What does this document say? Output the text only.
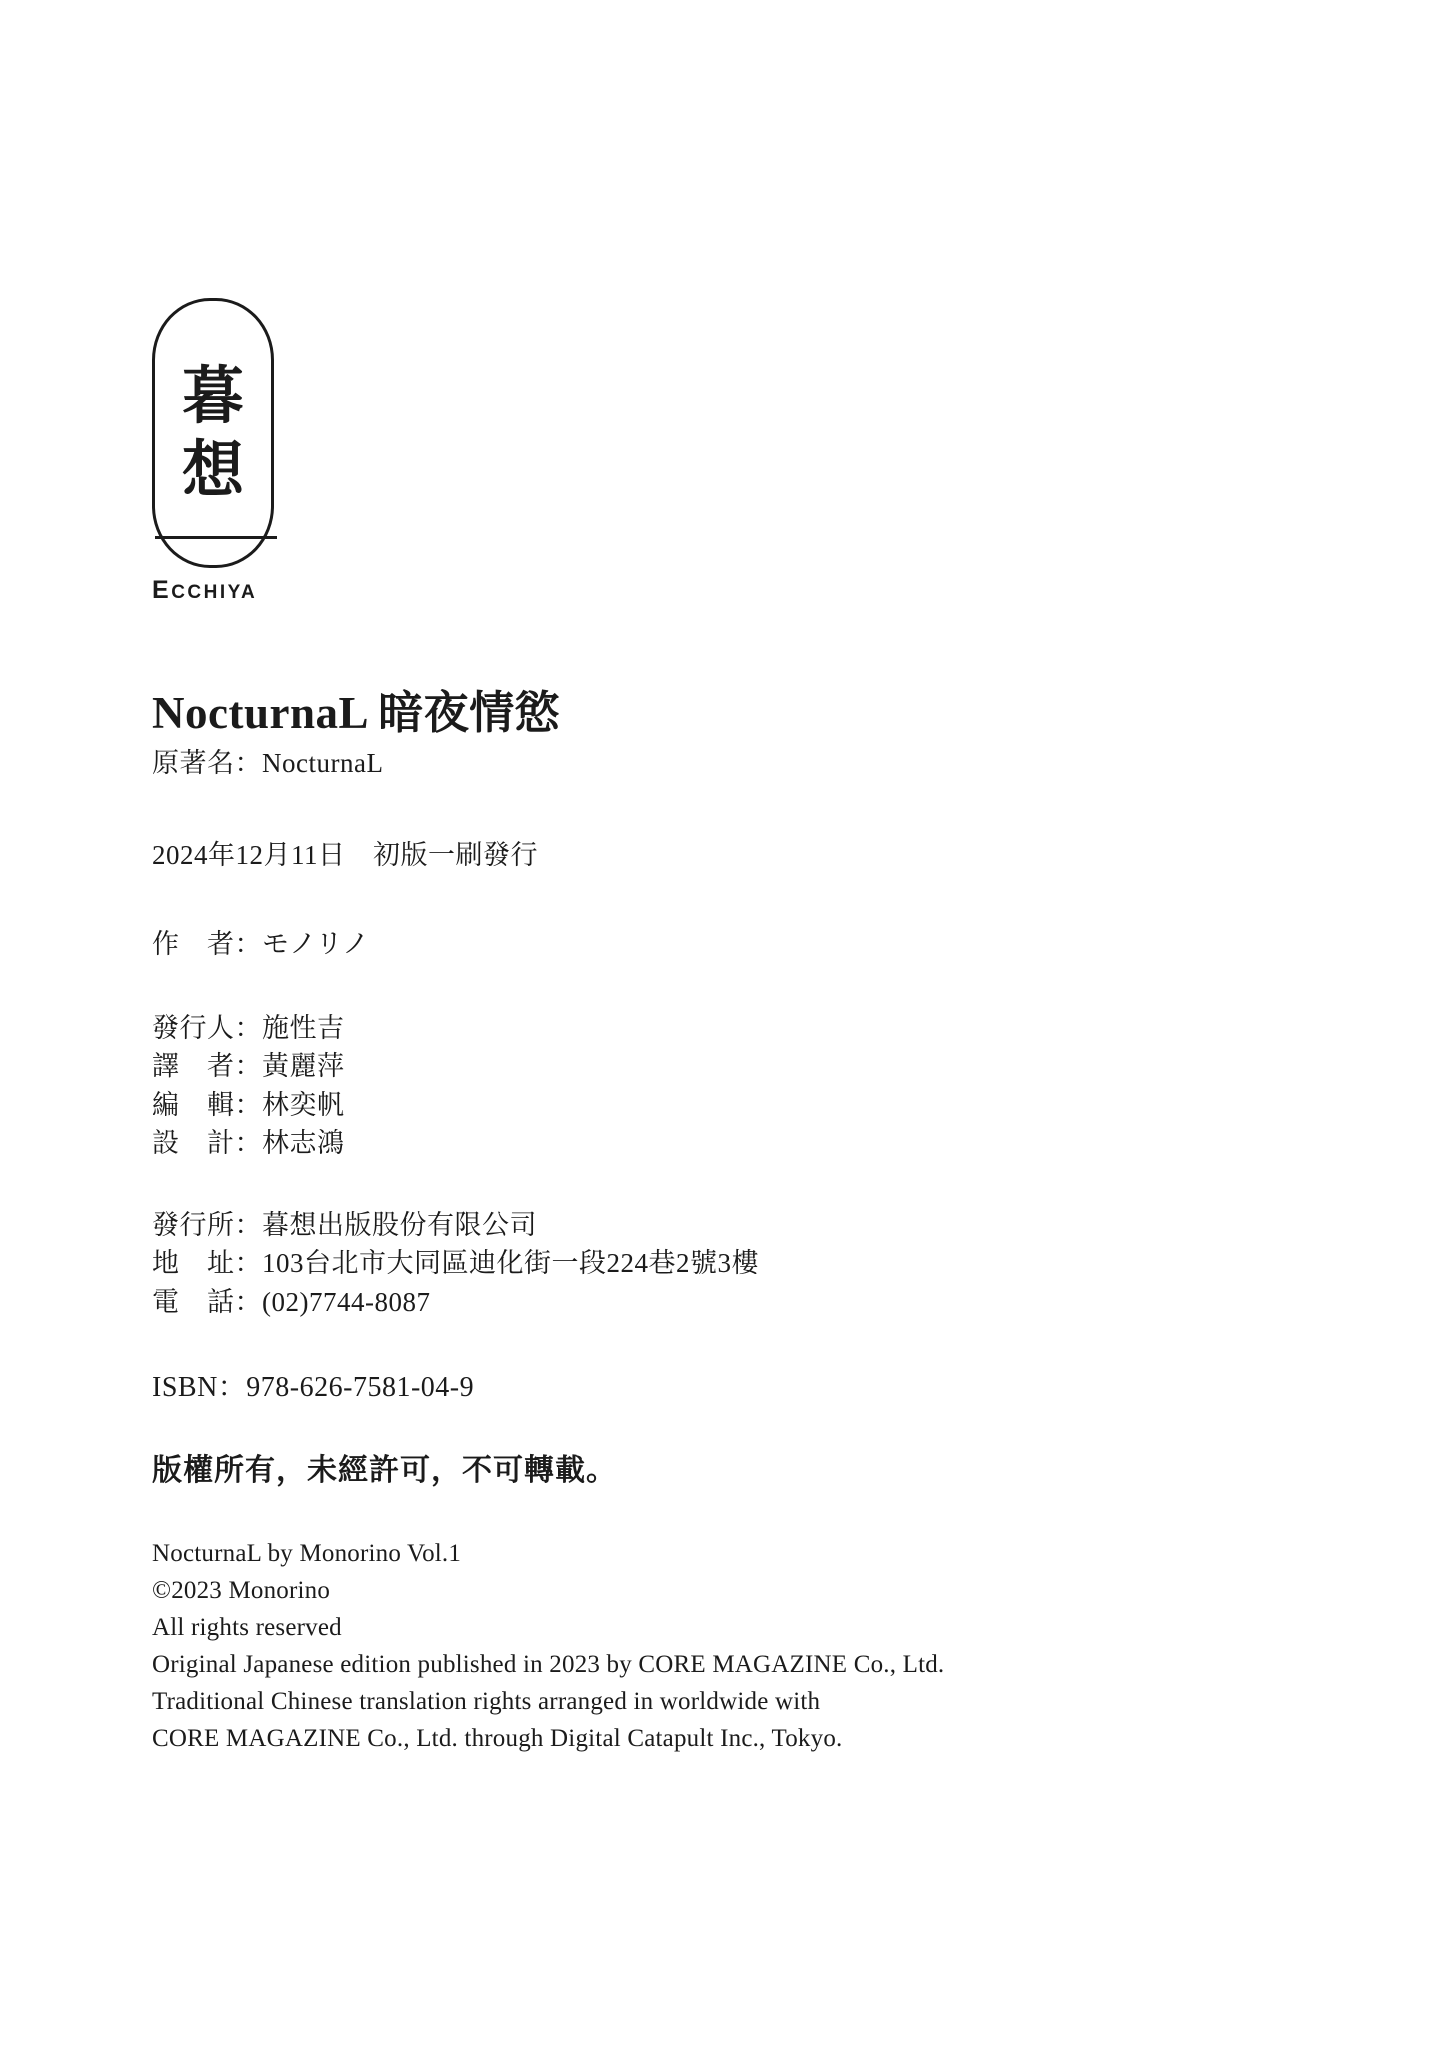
暮
想
ECCHIYA
NocturnaL 暗夜情慾

原著名：NocturnaL

2024年12月11日　初版一刷發行
作　者：モノリノ
發行人：施性吉
譯　者：黃麗萍
編　輯：林奕帆
設　計：林志鴻
發行所：暮想出版股份有限公司
地　址：103台北市大同區迪化街一段224巷2號3樓
電　話：(02)7744-8087
ISBN：978-626-7581-04-9
版權所有，未經許可，不可轉載。
NocturnaL by Monorino Vol.1
©2023 Monorino
All rights reserved
Original Japanese edition published in 2023 by CORE MAGAZINE Co., Ltd.
Traditional Chinese translation rights arranged in worldwide with
CORE MAGAZINE Co., Ltd. through Digital Catapult Inc., Tokyo.
